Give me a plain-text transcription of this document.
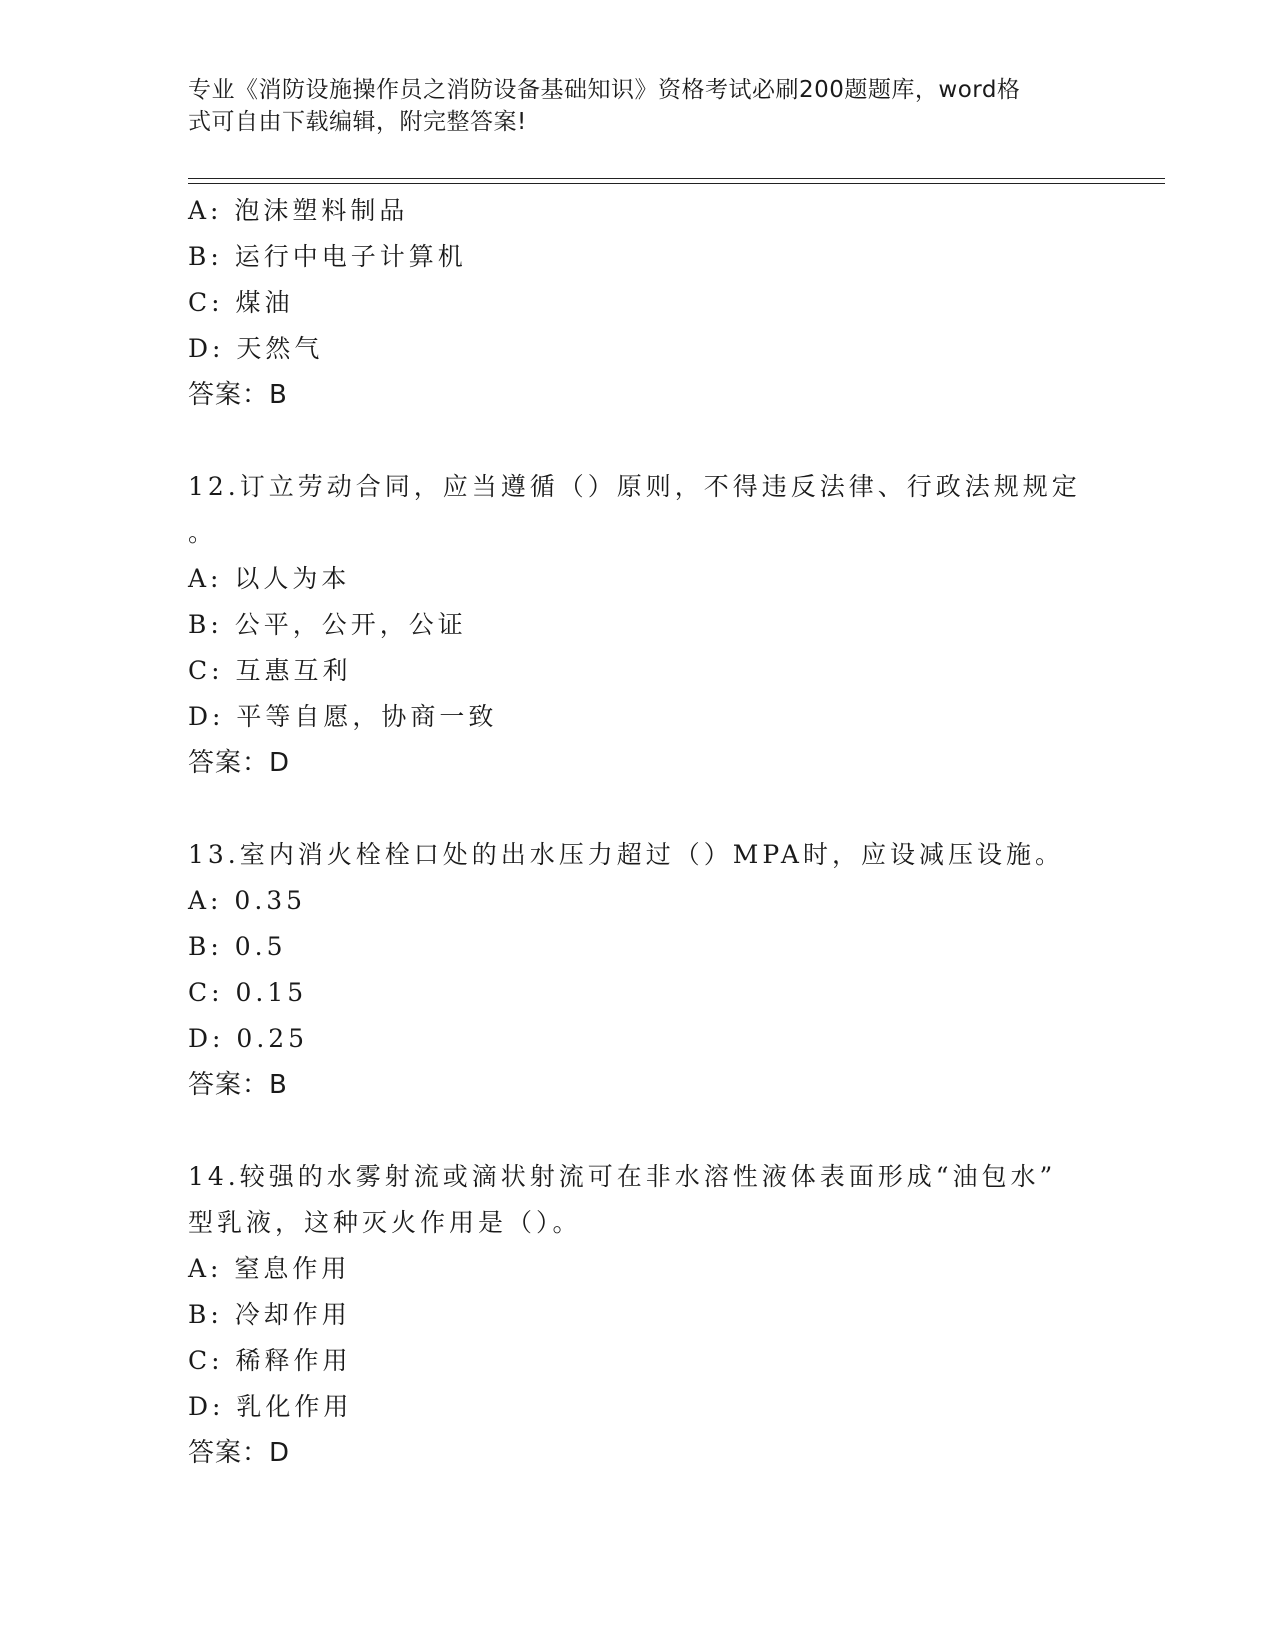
专业《消防设施操作员之消防设备基础知识》资格考试必刷200题题库，word格
式可自由下载编辑，附完整答案!
A: 泡沫塑料制品
B: 运行中电子计算机
C: 煤油
D: 天然气
答案：B
12.订立劳动合同，应当遵循（）原则，不得违反法律、行政法规规定
。
A: 以人为本
B: 公平，公开，公证
C: 互惠互利
D: 平等自愿，协商一致
答案：D
13.室内消火栓栓口处的出水压力超过（）MPA时，应设减压设施。
A: 0.35
B: 0.5
C: 0.15
D: 0.25
答案：B
14.较强的水雾射流或滴状射流可在非水溶性液体表面形成“油包水”
型乳液，这种灭火作用是（）。
A: 窒息作用
B: 冷却作用
C: 稀释作用
D: 乳化作用
答案：D
